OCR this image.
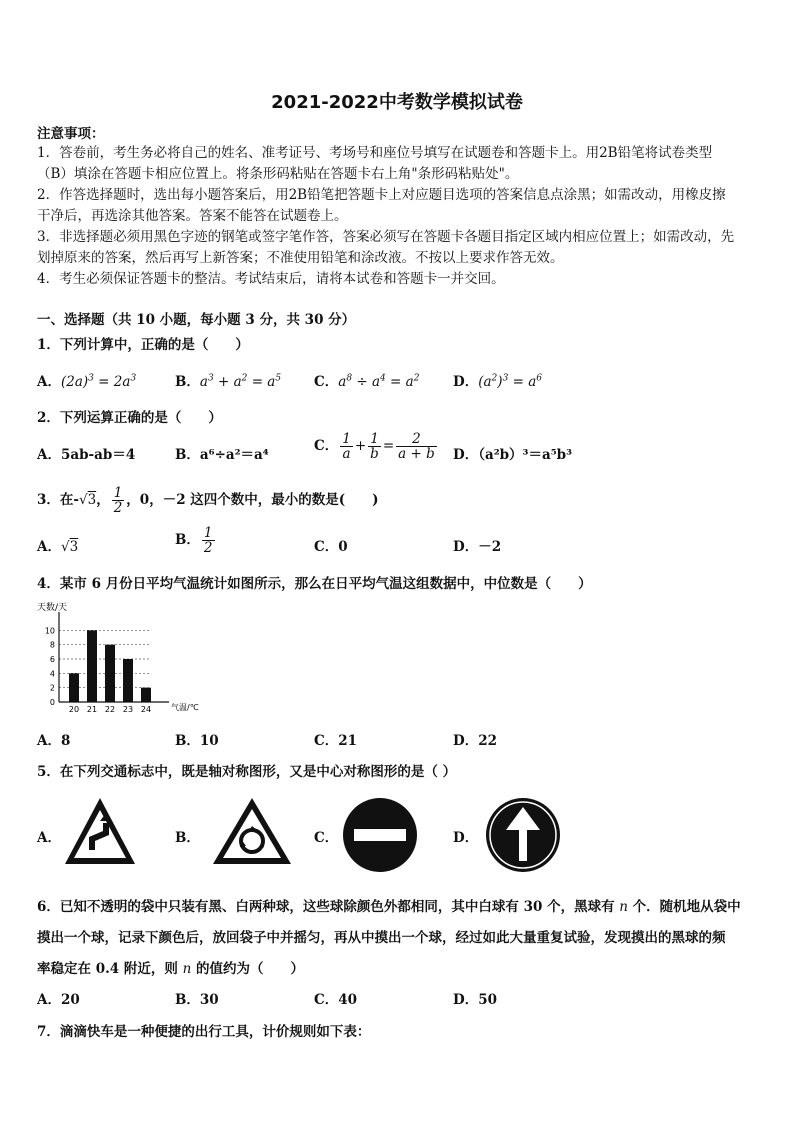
2021-2022中考数学模拟试卷
注意事项：
1．答卷前，考生务必将自己的姓名、准考证号、考场号和座位号填写在试题卷和答题卡上。用2B铅笔将试卷类型
（B）填涂在答题卡相应位置上。将条形码粘贴在答题卡右上角"条形码粘贴处"。
2．作答选择题时，选出每小题答案后，用2B铅笔把答题卡上对应题目选项的答案信息点涂黑；如需改动，用橡皮擦
干净后，再选涂其他答案。答案不能答在试题卷上。
3．非选择题必须用黑色字迹的钢笔或签字笔作答，答案必须写在答题卡各题目指定区域内相应位置上；如需改动，先
划掉原来的答案，然后再写上新答案；不准使用铅笔和涂改液。不按以上要求作答无效。
4．考生必须保证答题卡的整洁。考试结束后，请将本试卷和答题卡一并交回。
一、选择题（共 10 小题，每小题 3 分，共 30 分）
1．下列计算中，正确的是（　　）
A．$(2a)^3 = 2a^3$	B．$a^3 + a^2 = a^5$ C．$a^8 \div a^4 = a^2$ D．$(a^2)^3 = a^6$
2．下列运算正确的是（　　）
A．5ab-ab＝4	B．a⁶÷a²＝a⁴
C． $\frac{1}{a} + \frac{1}{b} = \frac{2}{a + b}$ D．（a²b）³＝a⁵b³
3．在-√3， $\frac{1}{2}$ ，0，－2 这四个数中，最小的数是(　　)
A．√3	B． $\frac{1}{2}$	C．0	D．－2
4．某市 6 月份日平均气温统计如图所示，那么在日平均气温这组数据中，中位数是（　　）
天数/天
0
2
4
6
8
10
20 21 22 23 24 气温/℃
A．8	B．10	C．21	D．22
5．在下列交通标志中，既是轴对称图形，又是中心对称图形的是（ ）
A．	B．	C．	D．
6．已知不透明的袋中只装有黑、白两种球，这些球除颜色外都相同，其中白球有 30 个，黑球有 n 个．随机地从袋中
摸出一个球，记录下颜色后，放回袋子中并摇匀，再从中摸出一个球，经过如此大量重复试验，发现摸出的黑球的频
率稳定在 0.4 附近，则 n 的值约为（　　）
A．20	B．30	C．40	D．50
7．滴滴快车是一种便捷的出行工具，计价规则如下表：
